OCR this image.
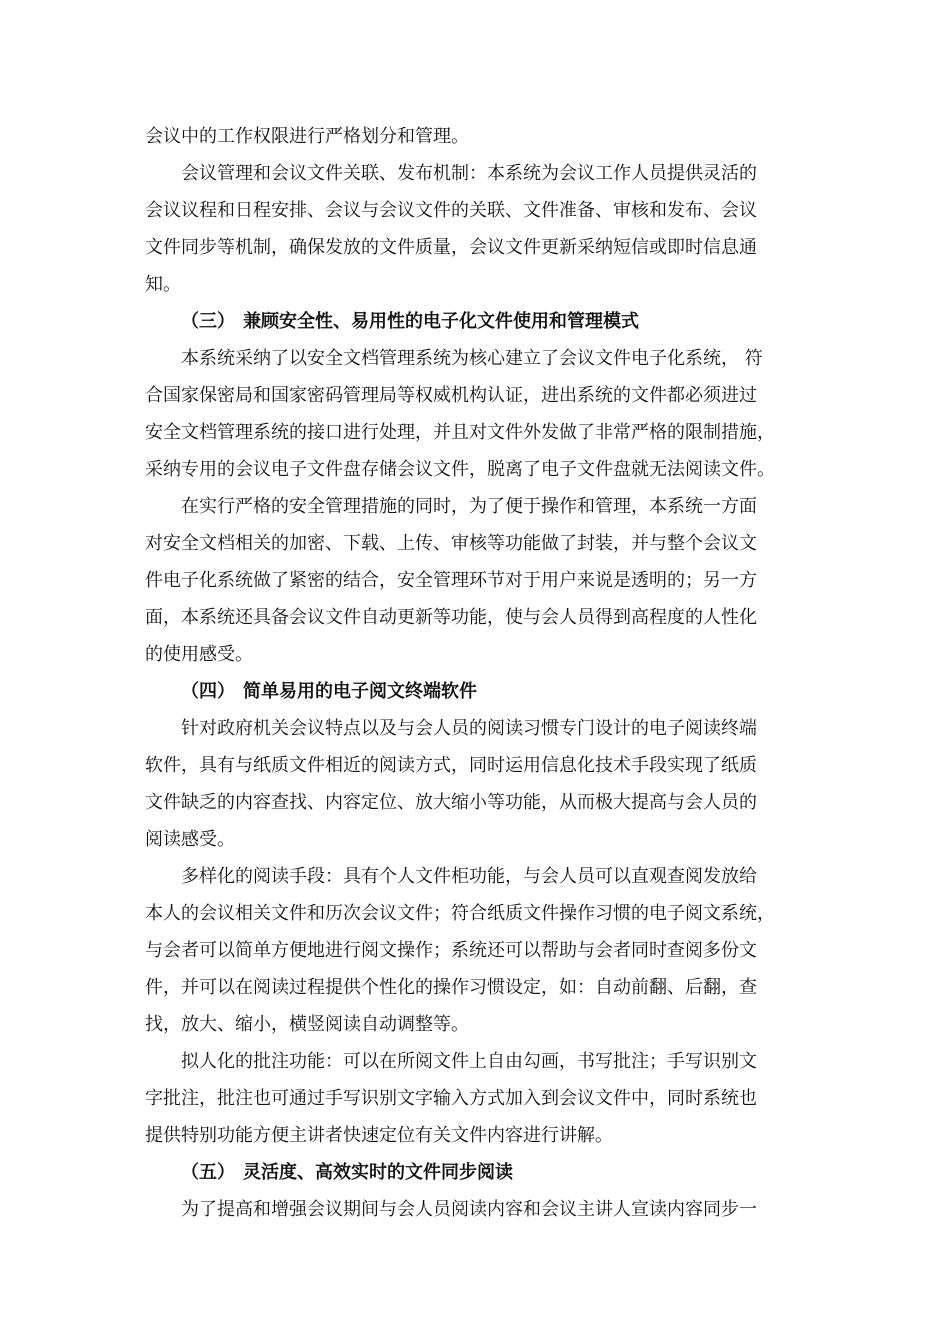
会议中的工作权限进行严格划分和管理。

会议管理和会议文件关联、发布机制：本系统为会议工作人员提供灵活的
会议议程和日程安排、会议与会议文件的关联、文件准备、审核和发布、会议
文件同步等机制，确保发放的文件质量，会议文件更新采纳短信或即时信息通
知。

（三） 兼顾安全性、易用性的电子化文件使用和管理模式

本系统采纳了以安全文档管理系统为核心建立了会议文件电子化系统， 符
合国家保密局和国家密码管理局等权威机构认证，进出系统的文件都必须进过
安全文档管理系统的接口进行处理，并且对文件外发做了非常严格的限制措施，
采纳专用的会议电子文件盘存储会议文件，脱离了电子文件盘就无法阅读文件。

在实行严格的安全管理措施的同时，为了便于操作和管理，本系统一方面
对安全文档相关的加密、下载、上传、审核等功能做了封装，并与整个会议文
件电子化系统做了紧密的结合，安全管理环节对于用户来说是透明的；另一方
面，本系统还具备会议文件自动更新等功能，使与会人员得到高程度的人性化
的使用感受。

（四） 简单易用的电子阅文终端软件

针对政府机关会议特点以及与会人员的阅读习惯专门设计的电子阅读终端
软件，具有与纸质文件相近的阅读方式，同时运用信息化技术手段实现了纸质
文件缺乏的内容查找、内容定位、放大缩小等功能，从而极大提高与会人员的
阅读感受。

多样化的阅读手段：具有个人文件柜功能，与会人员可以直观查阅发放给
本人的会议相关文件和历次会议文件；符合纸质文件操作习惯的电子阅文系统，
与会者可以简单方便地进行阅文操作；系统还可以帮助与会者同时查阅多份文
件，并可以在阅读过程提供个性化的操作习惯设定，如：自动前翻、后翻，查
找，放大、缩小，横竖阅读自动调整等。

拟人化的批注功能：可以在所阅文件上自由勾画，书写批注；手写识别文
字批注，批注也可通过手写识别文字输入方式加入到会议文件中，同时系统也
提供特别功能方便主讲者快速定位有关文件内容进行讲解。

（五） 灵活度、高效实时的文件同步阅读

为了提高和增强会议期间与会人员阅读内容和会议主讲人宣读内容同步一
